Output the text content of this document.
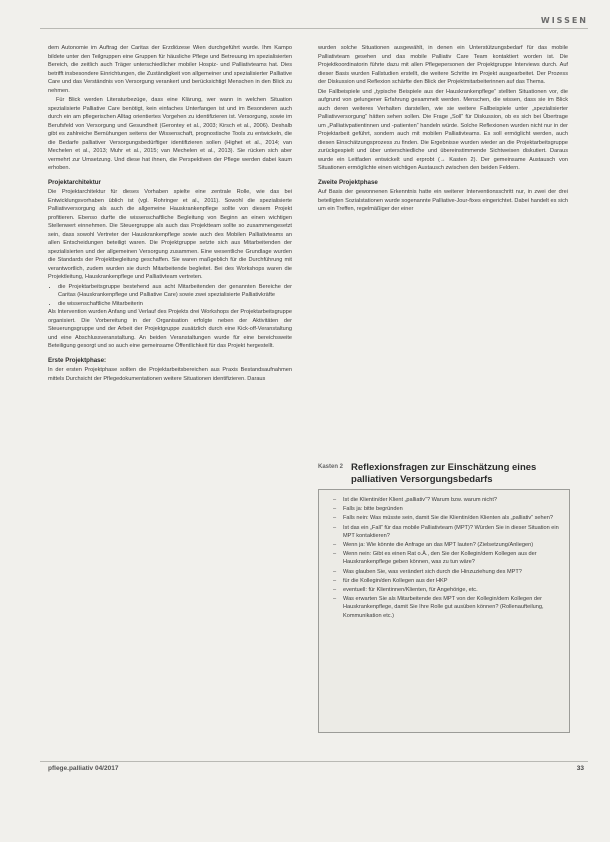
WISSEN

dem Autonomie im Auftrag der Caritas der Erzdiözese Wien durchgeführt wurde. Ihm Kampo bildete unter den Teilgruppen eine Gruppen für häusliche Pflege und Betreuung im spezialisierten Bereich, die zeitlich auch Träger unterschiedlicher mobiler Hospiz- und Palliativteams hat. Dies betrifft insbesondere Einrichtungen, die Zuständigkeit von allgemeiner und spezialisierter Palliative Care und das Verständnis von Versorgung verankert und berücksichtigt Menschen in den Blick zu nehmen.

Für Blick werden Literaturbezüge, dass eine Klärung, wer wann in welchen Situation spezialisierte Palliative Care benötigt, kein einfaches Unterfangen ist und im Besonderen auch durch ein am pflegerischen Alltag orientiertes Vorgehen zu identifizieren ist. Versorgung, sowie im Berufsfeld von Versorgung und Gesundheit (Gerontey et al., 2003; Kirsch et al., 2006). Deshalb gibt es zahlreiche Bemühungen seitens der Wissenschaft, prognostische Tools zu entwickeln, die die Bedarfe palliativer Versorgungsbedürftiger identifizieren sollen (Highet et al., 2014; van Mechelen et al., 2013; Muhr et al., 2015; van Mechelen et al., 2013). Sie rücken sich aber vermehrt zur Umsetzung. Und diese hat ihnen, die Perspektiven der Pflege werden dabei kaum erhoben.

Projektarchitektur

Die Projektarchitektur für dieses Vorhaben spielte eine zentrale Rolle, wie das bei Entwicklungsvorhaben üblich ist (vgl. Rohringer et al., 2011). Sowohl die spezialisierte Palliativversorgung als auch die allgemeine Hauskrankenpflege sollte von diesem Projekt profitieren. Ebenso durfte die wissenschaftliche Begleitung von Beginn an einen wichtigen Stellenwert einnehmen. Die Steuergruppe als auch das Projektteam sollte so zusammengesetzt sein, dass sowohl Vertreter der Hauskrankenpflege sowie auch des Mobilen Palliativteams an allen Entscheidungen beteiligt waren. Die Projektgruppe setzte sich aus Mitarbeitenden der spezialisierten und der allgemeinen Versorgung zusammen. Eine wesentliche Grundlage wurden die Standards der Projektbegleitung geschaffen. Sie waren maßgeblich für die Durchführung mit verantwortlich, zudem wurden sie durch Mitarbeitende begleitet. Bei des Workshops waren die Projektleitung, Hauskrankenpflege und Palliativteam vertreten.

• die Projektarbeitsgruppe bestehend aus acht Mitarbeitenden der genannten Bereiche der Caritas (Hauskrankenpflege und Palliative Care) sowie zwei spezialisierte Palliativkräfte
• die wissenschaftliche Mitarbeiterin

Als Intervention wurden Anfang und Verlauf des Projekts drei Workshops der Projektarbeitsgruppe organisiert. Die Vorbereitung in der Organisation erfolgte neben der Aktivitäten der Steuerungsgruppe und der Arbeit der Projektgruppe zusätzlich durch eine Kick-off-Veranstaltung und eine Abschlussveranstaltung. An beiden Veranstaltungen wurde für eine bereichsweite Beteiligung gesorgt und so auch eine gemeinsame Öffentlichkeit für das Projekt hergestellt.

Erste Projektphase:

In der ersten Projektphase sollten die Projektarbeitsbereichen aus Praxis Bestandsaufnahmen mittels Durchsicht der Pflegedokumentationen weitere Situationen identifizieren. Daraus

wurden solche Situationen ausgewählt, in denen ein Unterstützungsbedarf für das mobile Palliativteam gesehen und das mobile Palliativ Care Team kontaktiert worden ist. Die Projektkoordinatorin führte dazu mit allen Pflegepersonen der Projektgruppe Interviews durch. Auf dieser Basis wurden Fallstudien erstellt, die weitere Schritte im Projekt ausgearbeitet. Der Prozess der Diskussion und Reflexion schärfte den Blick der Projektmitarbeiterinnen auf das Thema.

Die Fallbeispiele und „typische Beispiele aus der Hauskrankenpflege“ stellten Situationen vor, die aufgrund von gelungener Erfahrung gesammelt werden. Menschen, die wissen, dass sie im Blick auch deren weiteres Verhalten darstellen, wie sie weitere Fallbeispiele unter „spezialisierter Palliativversorgung“ hätten sehen sollen. Die Frage „Soll“ für Diskussion, ob es sich bei Übertrage um „Palliativpatientinnen und -patienten“ handeln würde. Solche Reflexionen wurden nicht nur in der Projektarbeit geführt, sondern auch mit mobilen Palliativteams. Es soll ermöglicht werden, auch diesen Einschätzungsprozess zu finden. Die Ergebnisse wurden wieder an die Projektarbeitsgruppe zurückgespielt und über unterschiedliche und übereinstimmende Sichtweisen diskutiert. Daraus wurde ein Leitfaden entwickelt und erprobt (→ Kasten 2). Der gemeinsame Austausch von Situationen ermöglichte einen wichtigen Austausch zwischen den beiden Feldern.

Zweite Projektphase

Auf Basis der gewonnenen Erkenntnis hatte ein weiterer Interventionsschritt nur, in zwei der drei beteiligten Sozialstationen wurde sogenannte Palliative-Jour-fixes eingerichtet. Dabei handelt es sich um ein Treffen, regelmäßiger der einer

Kasten 2 Reflexionsfragen zur Einschätzung eines palliativen Versorgungsbedarfs
– Ist die Klientin/der Klient „palliativ“? Warum bzw. warum nicht?
– Falls ja: bitte begründen
– Falls nein: Was müsste sein, damit Sie die Klientin/den Klienten als „palliativ“ sehen?
– Ist das ein „Fall“ für das mobile Palliativteam (MPT)? Würden Sie in dieser Situation ein MPT kontaktieren?
– Wenn ja: Wie könnte die Anfrage an das MPT lauten? (Zielsetzung/Anliegen)
– Wenn nein: Gibt es einen Rat o.Ä., den Sie der Kollegin/dem Kollegen aus der Hauskrankenpflege geben können, was zu tun wäre?
– Was glauben Sie, was verändert sich durch die Hinzuziehung des MPT?
– für die Kollegin/den Kollegen aus der HKP
– eventuell: für Klientinnen/Klienten, für Angehörige, etc.
– Was erwarten Sie als Mitarbeitende des MPT von der Kollegin/dem Kollegen der Hauskrankenpflege, damit Sie Ihre Rolle gut ausüben können? (Rollenaufteilung, Kommunikation etc.)
pflege.palliativ 04/2017	33
